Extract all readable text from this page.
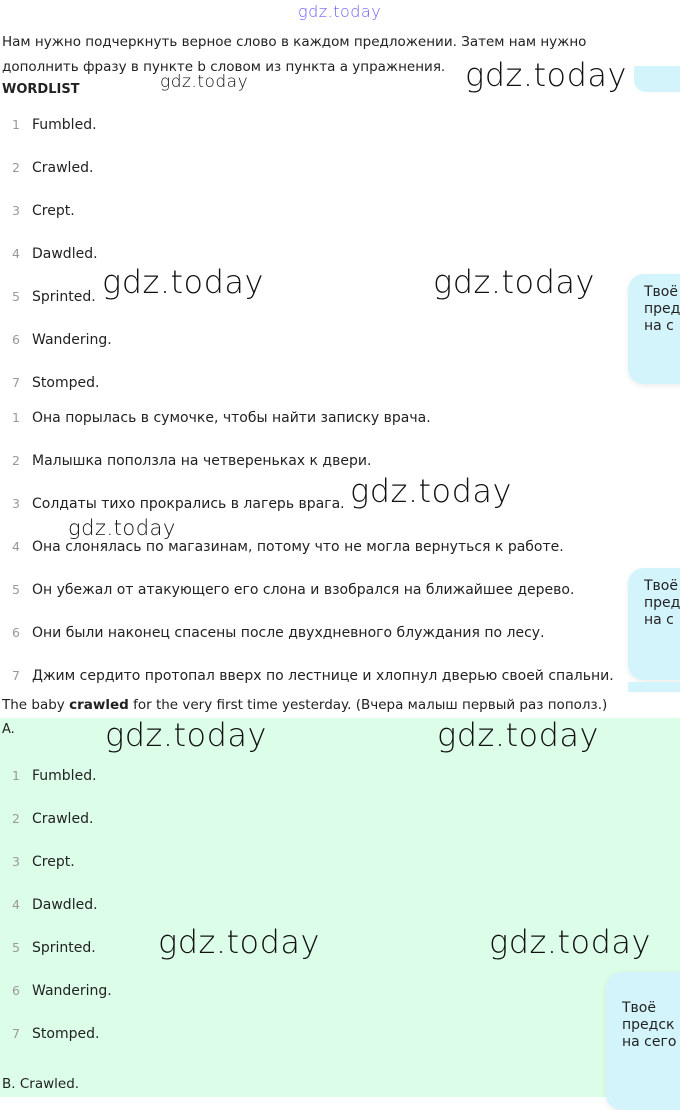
gdz.today
Нам нужно подчеркнуть верное слово в каждом предложении. Затем нам нужно дополнить фразу в пункте b словом из пункта а упражнения.
WORDLIST
1 Fumbled.
2 Crawled.
3 Crept.
4 Dawdled.
5 Sprinted.
6 Wandering.
7 Stomped.
1 Она порылась в сумочке, чтобы найти записку врача.
2 Малышка поползла на четвереньках к двери.
3 Солдаты тихо прокрались в лагерь врага.
4 Она слонялась по магазинам, потому что не могла вернуться к работе.
5 Он убежал от атакующего его слона и взобрался на ближайшее дерево.
6 Они были наконец спасены после двухдневного блуждания по лесу.
7 Джим сердито протопал вверх по лестнице и хлопнул дверью своей спальни.
Твоё
пред
на с
Твоё
пред
на с
The baby crawled for the very first time yesterday. (Вчера малыш первый раз пополз.)
A.
1 Fumbled.
2 Crawled.
3 Crept.
4 Dawdled.
5 Sprinted.
6 Wandering.
7 Stomped.
B. Crawled.
Твоё
предск
на сего
gdz.today
gdz.today
gdz.today	gdz.today
gdz.today
gdz.today
gdz.today	gdz.today
gdz.today	gdz.today
